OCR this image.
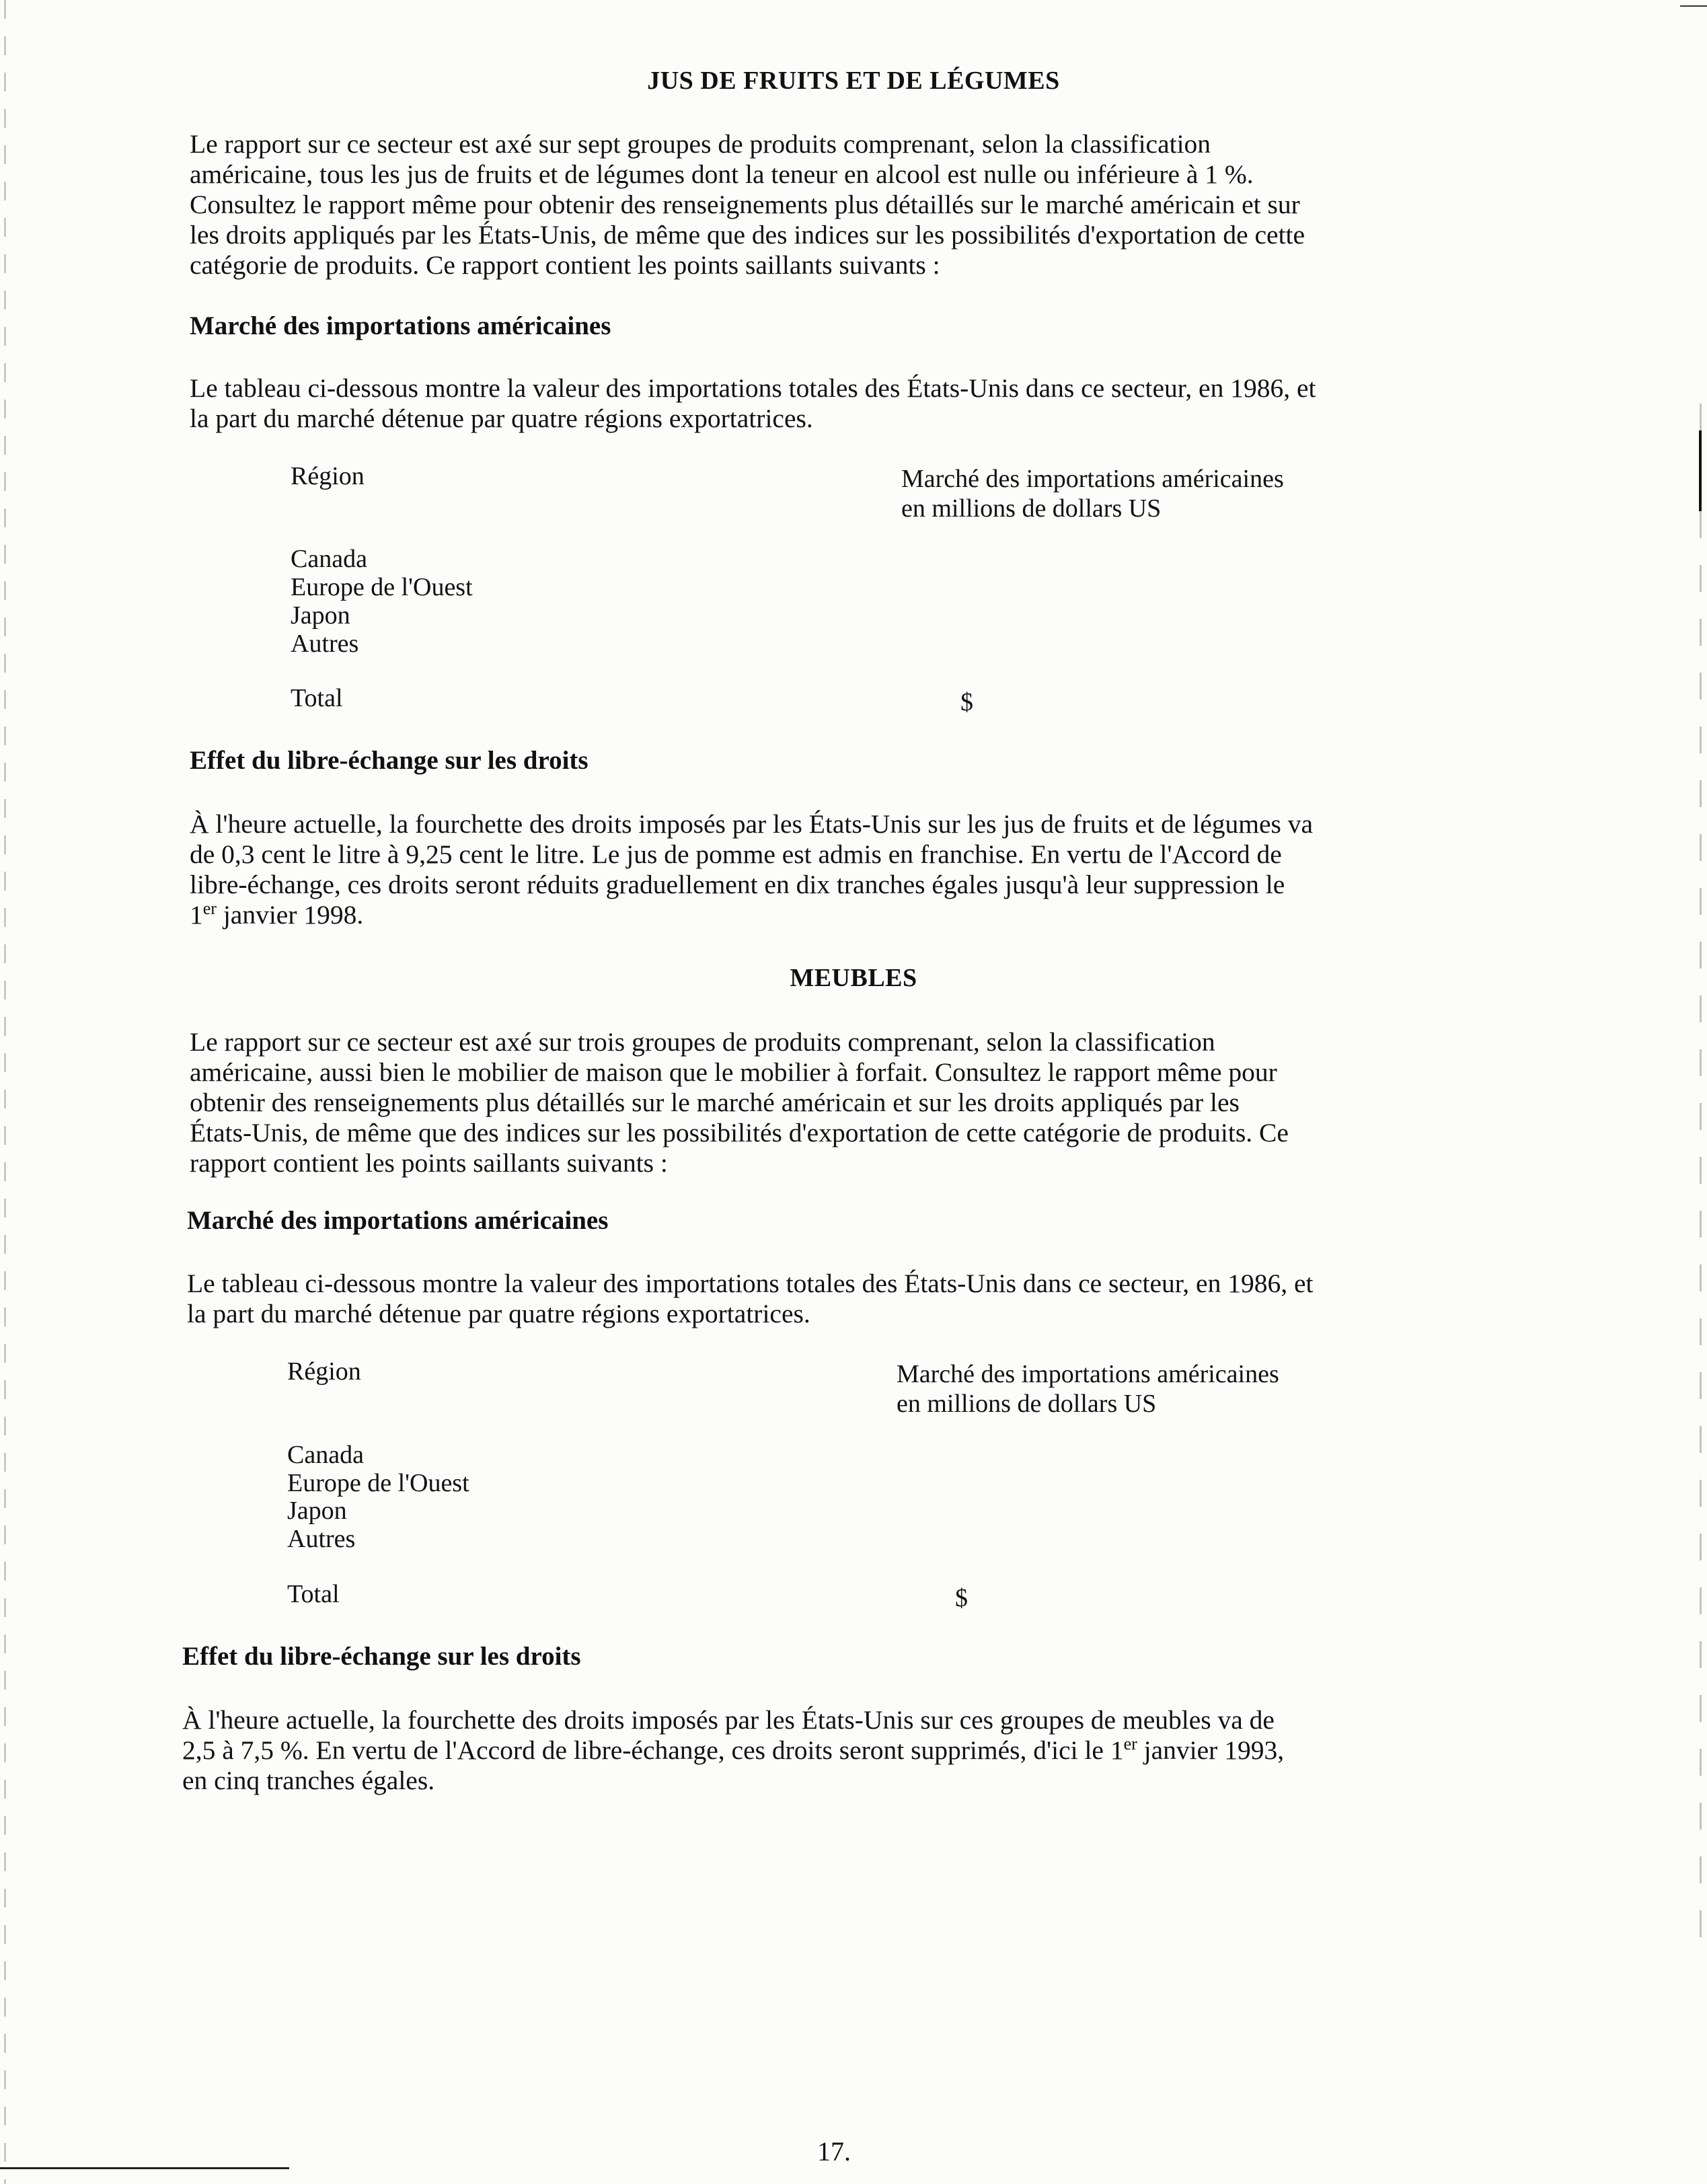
JUS DE FRUITS ET DE LÉGUMES

Le rapport sur ce secteur est axé sur sept groupes de produits comprenant, selon la classification

américaine, tous les jus de fruits et de légumes dont la teneur en alcool est nulle ou inférieure à 1 %.

Consultez le rapport même pour obtenir des renseignements plus détaillés sur le marché américain et sur

les droits appliqués par les États-Unis, de même que des indices sur les possibilités d'exportation de cette

catégorie de produits. Ce rapport contient les points saillants suivants :

Marché des importations américaines

Le tableau ci-dessous montre la valeur des importations totales des États-Unis dans ce secteur, en 1986, et

la part du marché détenue par quatre régions exportatrices.

Région	Marché des importations américaines
en millions de dollars US
Canada
Europe de l'Ouest
Japon
Autres
Total	$
Effet du libre-échange sur les droits

À l'heure actuelle, la fourchette des droits imposés par les États-Unis sur les jus de fruits et de légumes va

de 0,3 cent le litre à 9,25 cent le litre. Le jus de pomme est admis en franchise. En vertu de l'Accord de

libre-échange, ces droits seront réduits graduellement en dix tranches égales jusqu'à leur suppression le

1er janvier 1998.

MEUBLES

Le rapport sur ce secteur est axé sur trois groupes de produits comprenant, selon la classification

américaine, aussi bien le mobilier de maison que le mobilier à forfait. Consultez le rapport même pour

obtenir des renseignements plus détaillés sur le marché américain et sur les droits appliqués par les

États-Unis, de même que des indices sur les possibilités d'exportation de cette catégorie de produits. Ce

rapport contient les points saillants suivants :

Marché des importations américaines

Le tableau ci-dessous montre la valeur des importations totales des États-Unis dans ce secteur, en 1986, et

la part du marché détenue par quatre régions exportatrices.

Région	Marché des importations américaines
en millions de dollars US
Canada
Europe de l'Ouest
Japon
Autres
Total	$
Effet du libre-échange sur les droits

À l'heure actuelle, la fourchette des droits imposés par les États-Unis sur ces groupes de meubles va de

2,5 à 7,5 %. En vertu de l'Accord de libre-échange, ces droits seront supprimés, d'ici le 1er janvier 1993,

en cinq tranches égales.

17.
